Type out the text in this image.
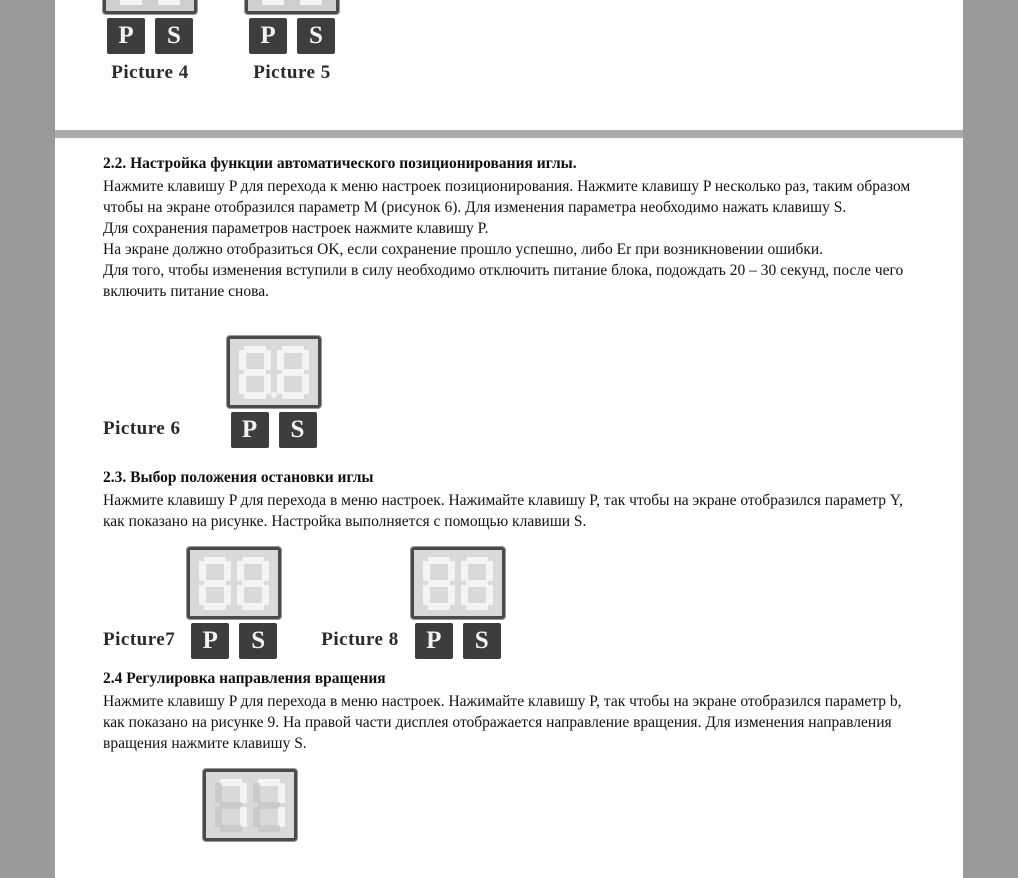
P	S
Picture 4
P	S
Picture 5
2.2. Настройка функции автоматического позиционирования иглы.

Нажмите клавишу P для перехода к меню настроек позиционирования. Нажмите клавишу P несколько раз, таким образом чтобы на экране отобразился параметр M (рисунок 6). Для изменения параметра необходимо нажать клавишу S.

Для сохранения параметров настроек нажмите клавишу P.

На экране должно отобразиться OK, если сохранение прошло успешно, либо Er при возникновении ошибки.

Для того, чтобы изменения вступили в силу необходимо отключить питание блока, подождать 20 – 30 секунд, после чего включить питание снова.

Picture 6	P	S
2.3. Выбор положения остановки иглы

Нажмите клавишу P для перехода в меню настроек. Нажимайте клавишу P, так чтобы на экране отобразился параметр Y, как показано на рисунке. Настройка выполняется с помощью клавиши S.

Picture7	P	S	Picture 8	P	S
2.4 Регулировка направления вращения

Нажмите клавишу P для перехода в меню настроек. Нажимайте клавишу P, так чтобы на экране отобразился параметр b, как показано на рисунке 9. На правой части дисплея отображается направление вращения. Для изменения направления вращения нажмите клавишу S.
